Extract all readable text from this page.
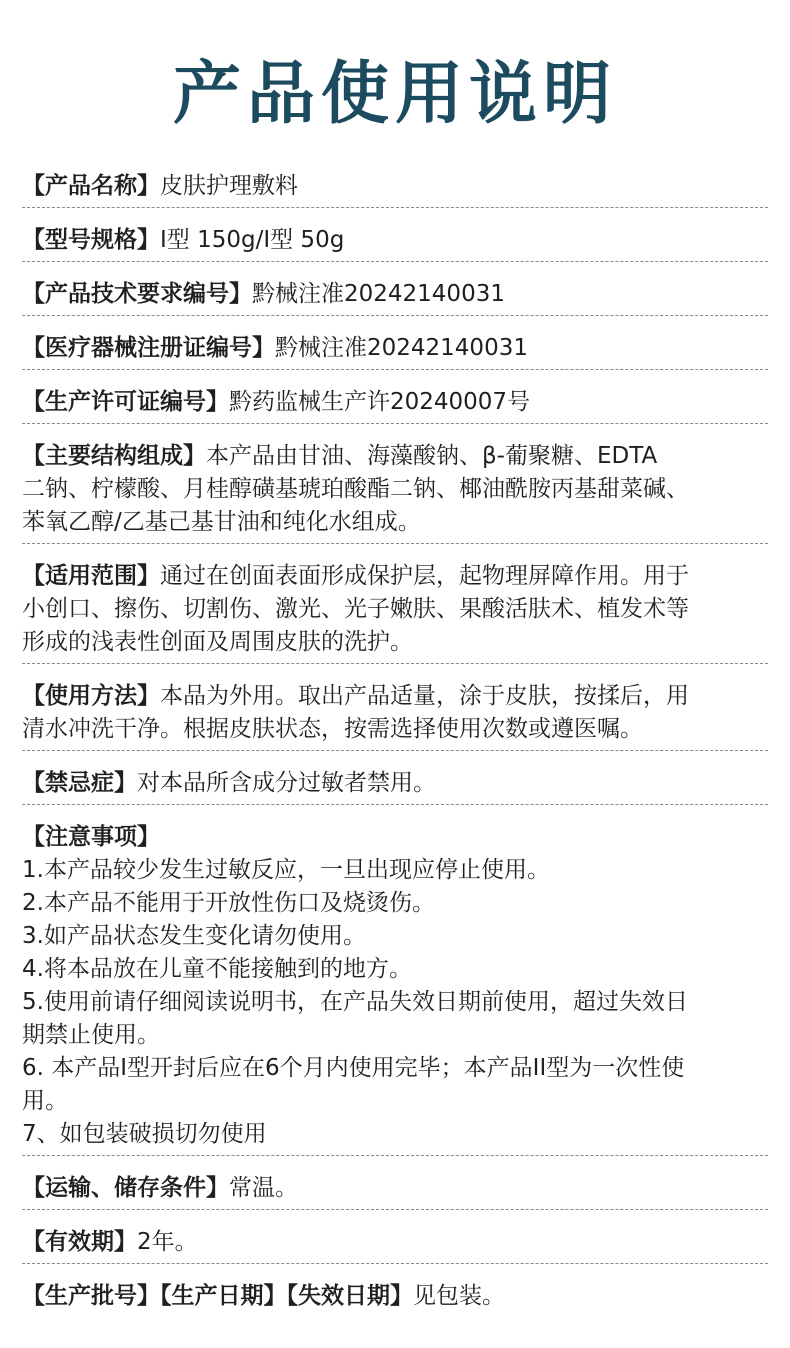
产品使用说明

【产品名称】皮肤护理敷料

【型号规格】I型 150g/I型 50g

【产品技术要求编号】黔械注准20242140031

【医疗器械注册证编号】黔械注准20242140031

【生产许可证编号】黔药监械生产许20240007号

【主要结构组成】本产品由甘油、海藻酸钠、β-葡聚糖、EDTA

二钠、柠檬酸、月桂醇磺基琥珀酸酯二钠、椰油酰胺丙基甜菜碱、

苯氧乙醇/乙基己基甘油和纯化水组成。

【适用范围】通过在创面表面形成保护层，起物理屏障作用。用于

小创口、擦伤、切割伤、激光、光子嫩肤、果酸活肤术、植发术等

形成的浅表性创面及周围皮肤的洗护。

【使用方法】本品为外用。取出产品适量，涂于皮肤，按揉后，用

清水冲洗干净。根据皮肤状态，按需选择使用次数或遵医嘱。

【禁忌症】对本品所含成分过敏者禁用。

【注意事项】

1.本产品较少发生过敏反应，一旦出现应停止使用。

2.本产品不能用于开放性伤口及烧烫伤。

3.如产品状态发生变化请勿使用。

4.将本品放在儿童不能接触到的地方。

5.使用前请仔细阅读说明书，在产品失效日期前使用，超过失效日

期禁止使用。

6. 本产品I型开封后应在6个月内使用完毕；本产品II型为一次性使

用。

7、如包装破损切勿使用

【运输、储存条件】常温。

【有效期】2年。

【生产批号】【生产日期】【失效日期】见包装。
